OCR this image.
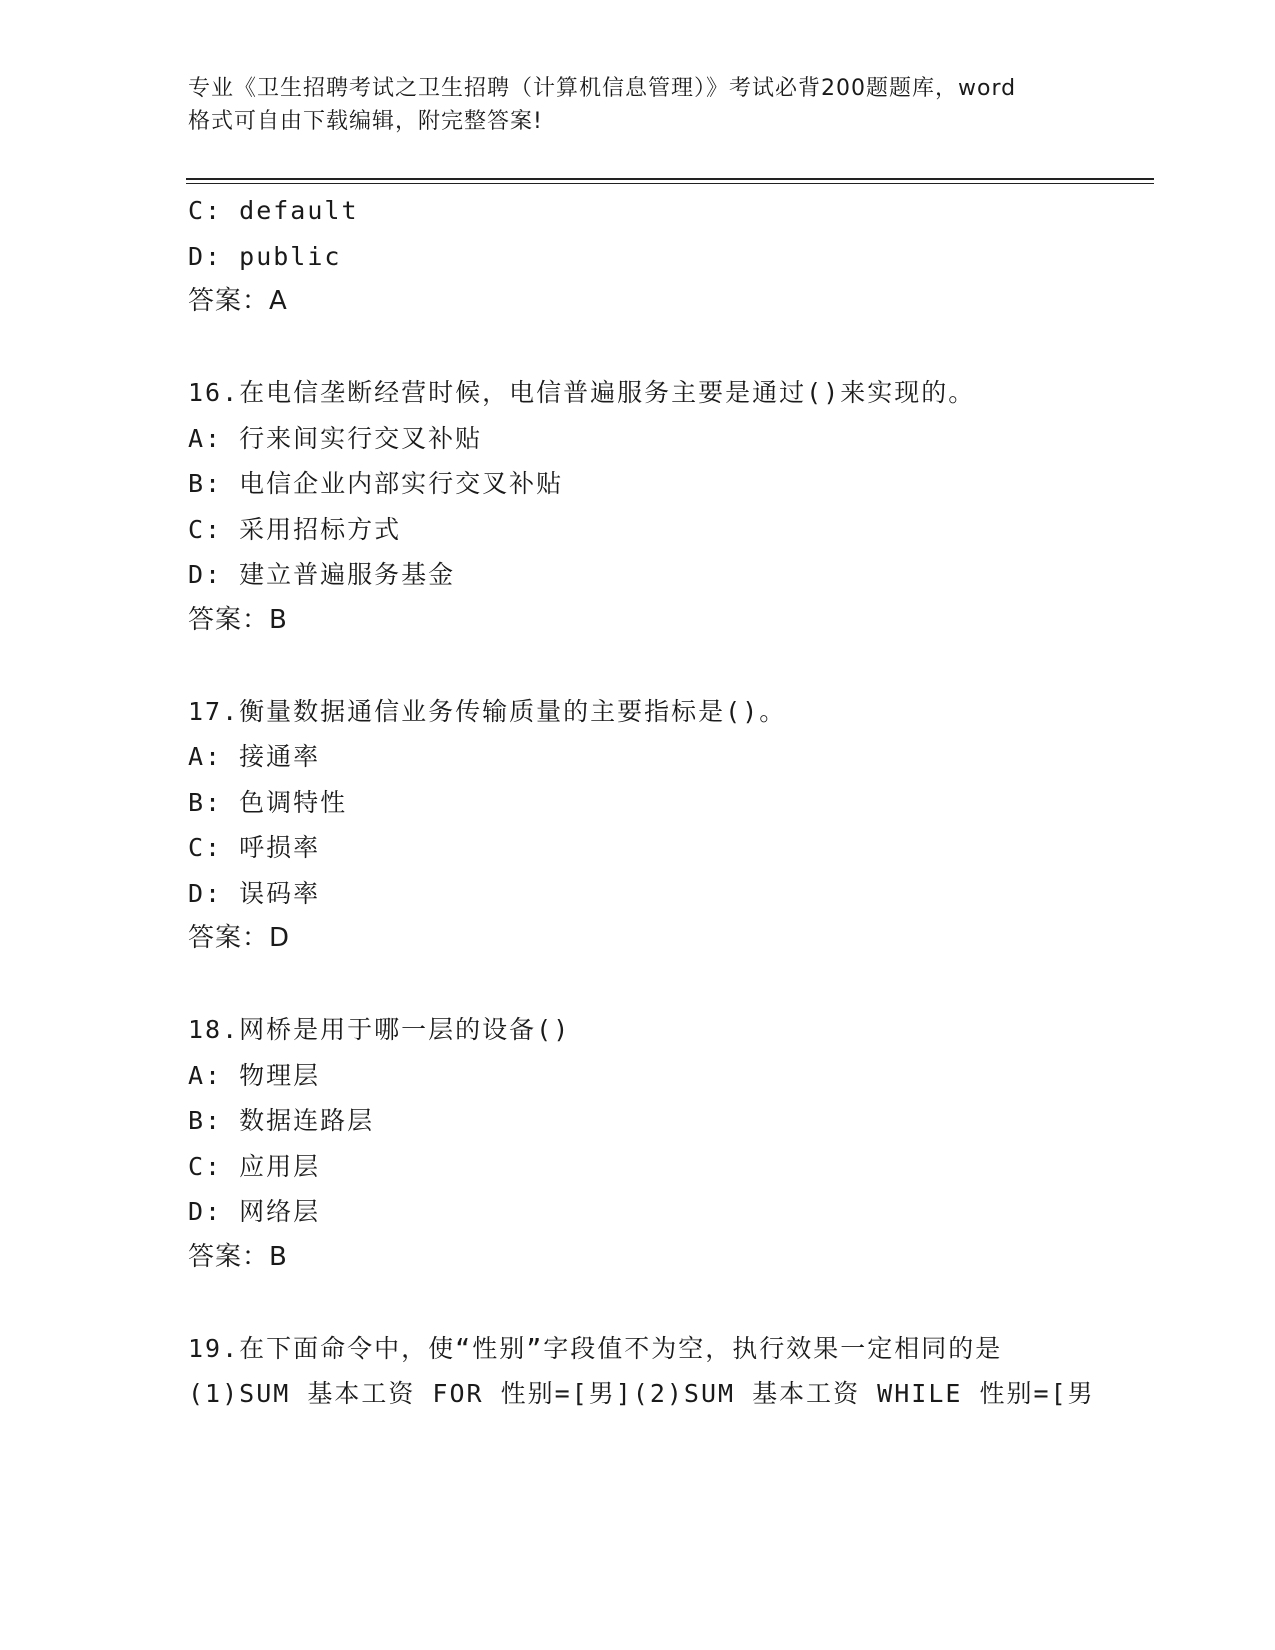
专业《卫生招聘考试之卫生招聘（计算机信息管理）》考试必背200题题库，word
格式可自由下载编辑，附完整答案!
C: default
D: public
答案：A
16.在电信垄断经营时候，电信普遍服务主要是通过()来实现的。
A: 行来间实行交叉补贴
B: 电信企业内部实行交叉补贴
C: 采用招标方式
D: 建立普遍服务基金
答案：B
17.衡量数据通信业务传输质量的主要指标是()。
A: 接通率
B: 色调特性
C: 呼损率
D: 误码率
答案：D
18.网桥是用于哪一层的设备()
A: 物理层
B: 数据连路层
C: 应用层
D: 网络层
答案：B
19.在下面命令中，使“性别”字段值不为空，执行效果一定相同的是
(1)SUM 基本工资 FOR 性别=[男](2)SUM 基本工资 WHILE 性别=[男
